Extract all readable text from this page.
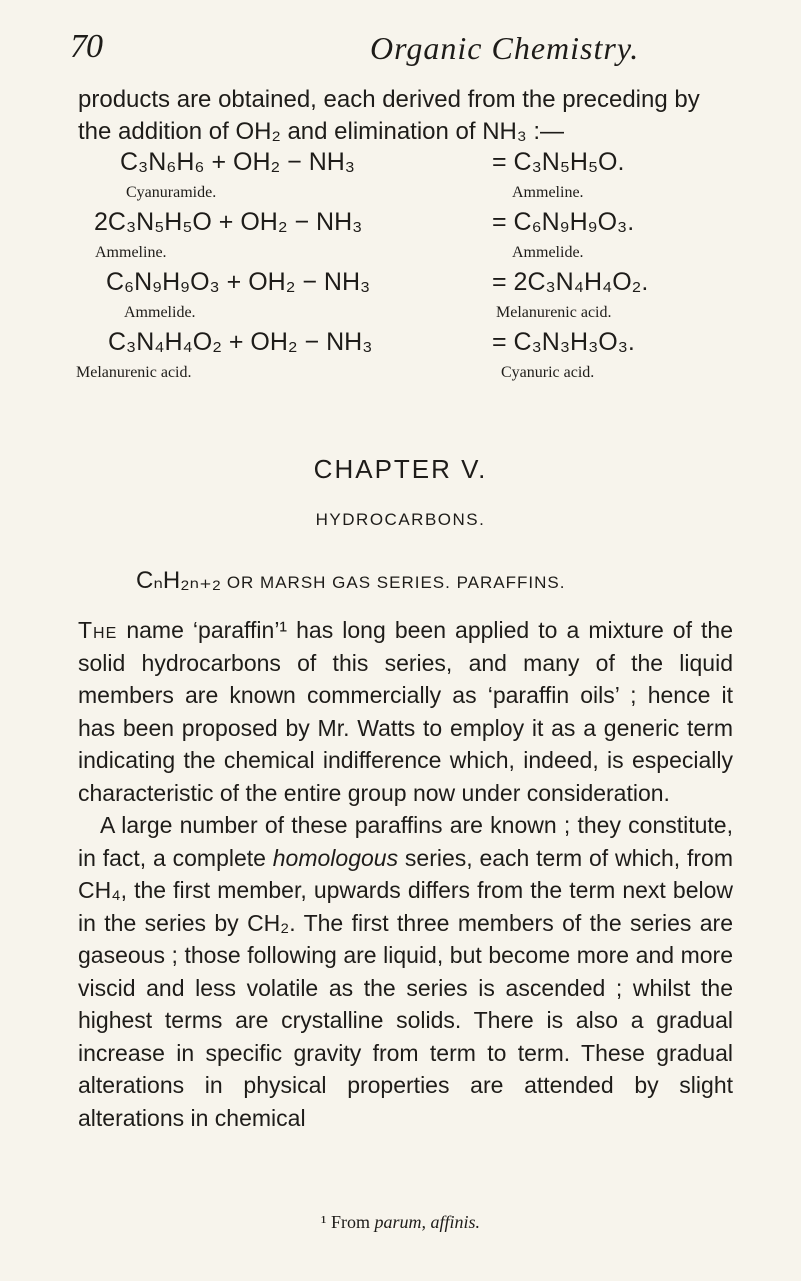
70	Organic Chemistry.
products are obtained, each derived from the preceding by
the addition of OH₂ and elimination of NH₃ :—
C₃N₆H₆ + OH₂ − NH₃	= C₃N₅H₅O.
Cyanuramide.	Ammeline.
2C₃N₅H₅O + OH₂ − NH₃	= C₆N₉H₉O₃.
Ammeline.	Ammelide.
C₆N₉H₉O₃ + OH₂ − NH₃	= 2C₃N₄H₄O₂.
Ammelide.	Melanurenic acid.
C₃N₄H₄O₂ + OH₂ − NH₃	= C₃N₃H₃O₃.
Melanurenic acid.	Cyanuric acid.
CHAPTER V.
HYDROCARBONS.
CₙH₂ₙ₊₂ OR MARSH GAS SERIES. PARAFFINS.

The name ‘paraffin’¹ has long been applied to a mixture of the solid hydrocarbons of this series, and many of the liquid members are known commercially as ‘paraffin oils’ ; hence it has been proposed by Mr. Watts to employ it as a generic term indicating the chemical indifference which, indeed, is especially characteristic of the entire group now under consideration.

A large number of these paraffins are known ; they constitute, in fact, a complete homologous series, each term of which, from CH₄, the first member, upwards differs from the term next below in the series by CH₂. The first three members of the series are gaseous ; those following are liquid, but become more and more viscid and less volatile as the series is ascended ; whilst the highest terms are crystalline solids. There is also a gradual increase in specific gravity from term to term. These gradual alterations in physical properties are attended by slight alterations in chemical

¹ From parum, affinis.
